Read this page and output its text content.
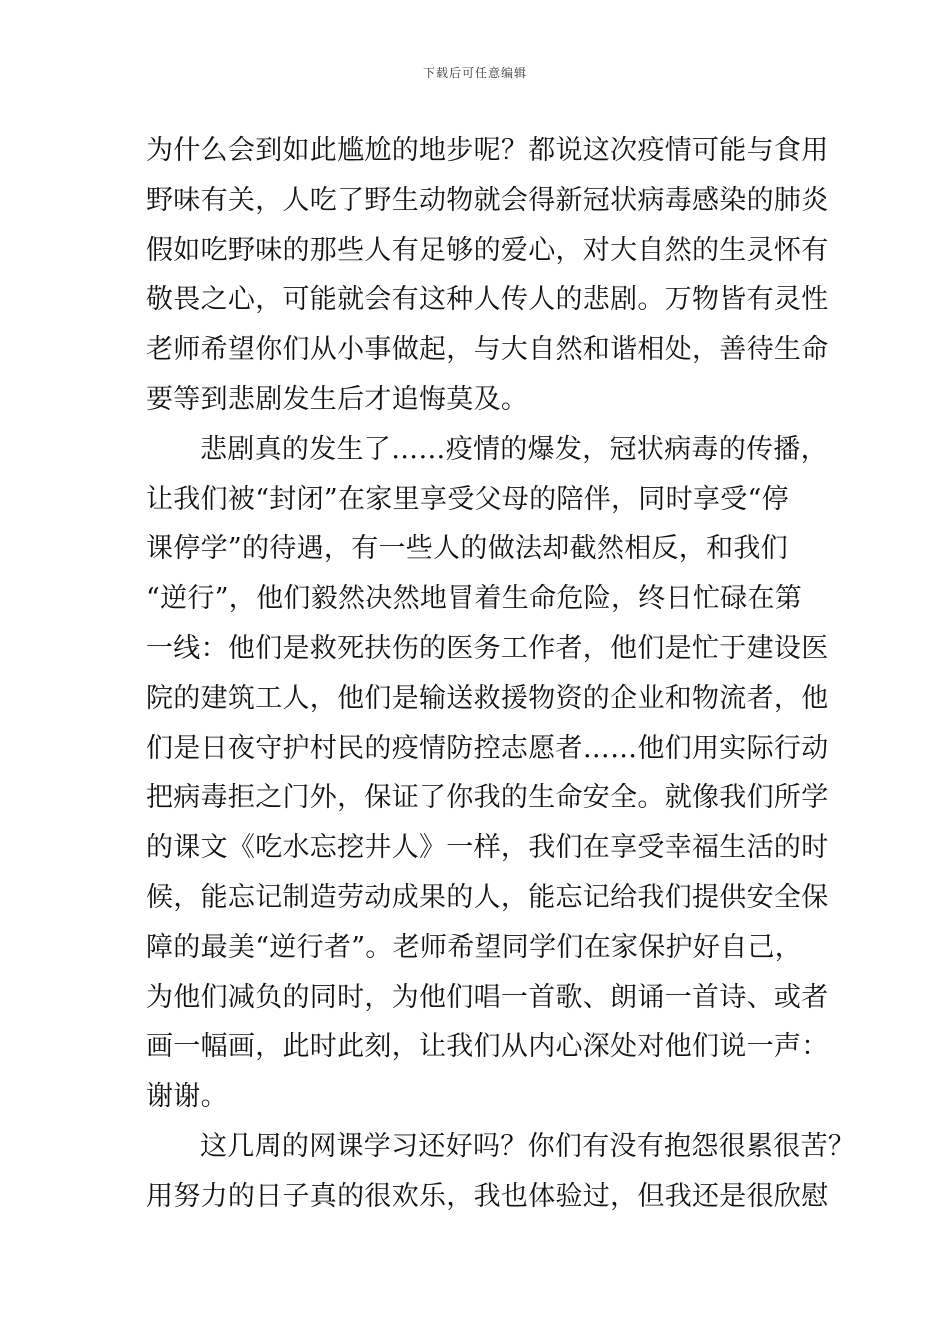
下载后可任意编辑
为什么会到如此尴尬的地步呢？都说这次疫情可能与食用
野味有关，人吃了野生动物就会得新冠状病毒感染的肺炎
假如吃野味的那些人有足够的爱心，对大自然的生灵怀有
敬畏之心，可能就会有这种人传人的悲剧。万物皆有灵性
老师希望你们从小事做起，与大自然和谐相处，善待生命
要等到悲剧发生后才追悔莫及。
悲剧真的发生了……疫情的爆发，冠状病毒的传播，
让我们被“封闭”在家里享受父母的陪伴，同时享受“停
课停学”的待遇，有一些人的做法却截然相反，和我们
“逆行”，他们毅然决然地冒着生命危险，终日忙碌在第
一线：他们是救死扶伤的医务工作者，他们是忙于建设医
院的建筑工人，他们是输送救援物资的企业和物流者，他
们是日夜守护村民的疫情防控志愿者……他们用实际行动
把病毒拒之门外，保证了你我的生命安全。就像我们所学
的课文《吃水忘挖井人》一样，我们在享受幸福生活的时
候，能忘记制造劳动成果的人，能忘记给我们提供安全保
障的最美“逆行者”。老师希望同学们在家保护好自己，
为他们减负的同时，为他们唱一首歌、朗诵一首诗、或者
画一幅画，此时此刻，让我们从内心深处对他们说一声：
谢谢。
这几周的网课学习还好吗？你们有没有抱怨很累很苦？
用努力的日子真的很欢乐，我也体验过，但我还是很欣慰
